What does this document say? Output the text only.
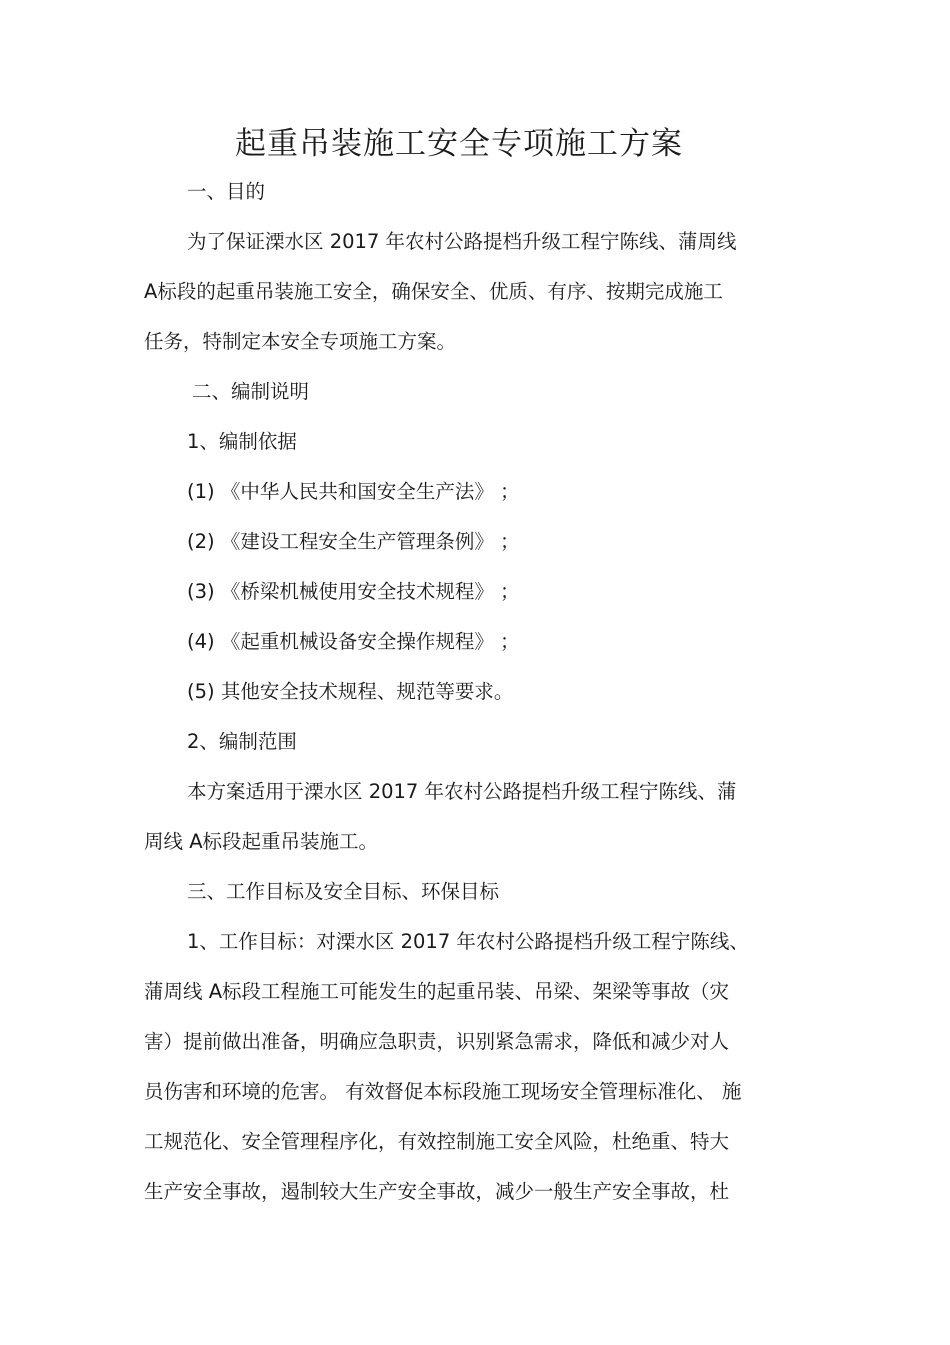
起重吊装施工安全专项施工方案
一、目的
为了保证溧水区 2017 年农村公路提档升级工程宁陈线、蒲周线
A标段的起重吊装施工安全，确保安全、优质、有序、按期完成施工
任务，特制定本安全专项施工方案。
二、编制说明
1、编制依据
(1) 《中华人民共和国安全生产法》 ；
(2) 《建设工程安全生产管理条例》 ；
(3) 《桥梁机械使用安全技术规程》 ；
(4) 《起重机械设备安全操作规程》 ；
(5) 其他安全技术规程、规范等要求。
2、编制范围
本方案适用于溧水区 2017 年农村公路提档升级工程宁陈线、蒲
周线 A标段起重吊装施工。
三、工作目标及安全目标、环保目标
1、工作目标：对溧水区 2017 年农村公路提档升级工程宁陈线、
蒲周线 A标段工程施工可能发生的起重吊装、吊梁、架梁等事故（灾
害）提前做出准备，明确应急职责，识别紧急需求，降低和减少对人
员伤害和环境的危害。 有效督促本标段施工现场安全管理标准化、 施
工规范化、安全管理程序化，有效控制施工安全风险，杜绝重、特大
生产安全事故，遏制较大生产安全事故，减少一般生产安全事故，杜
